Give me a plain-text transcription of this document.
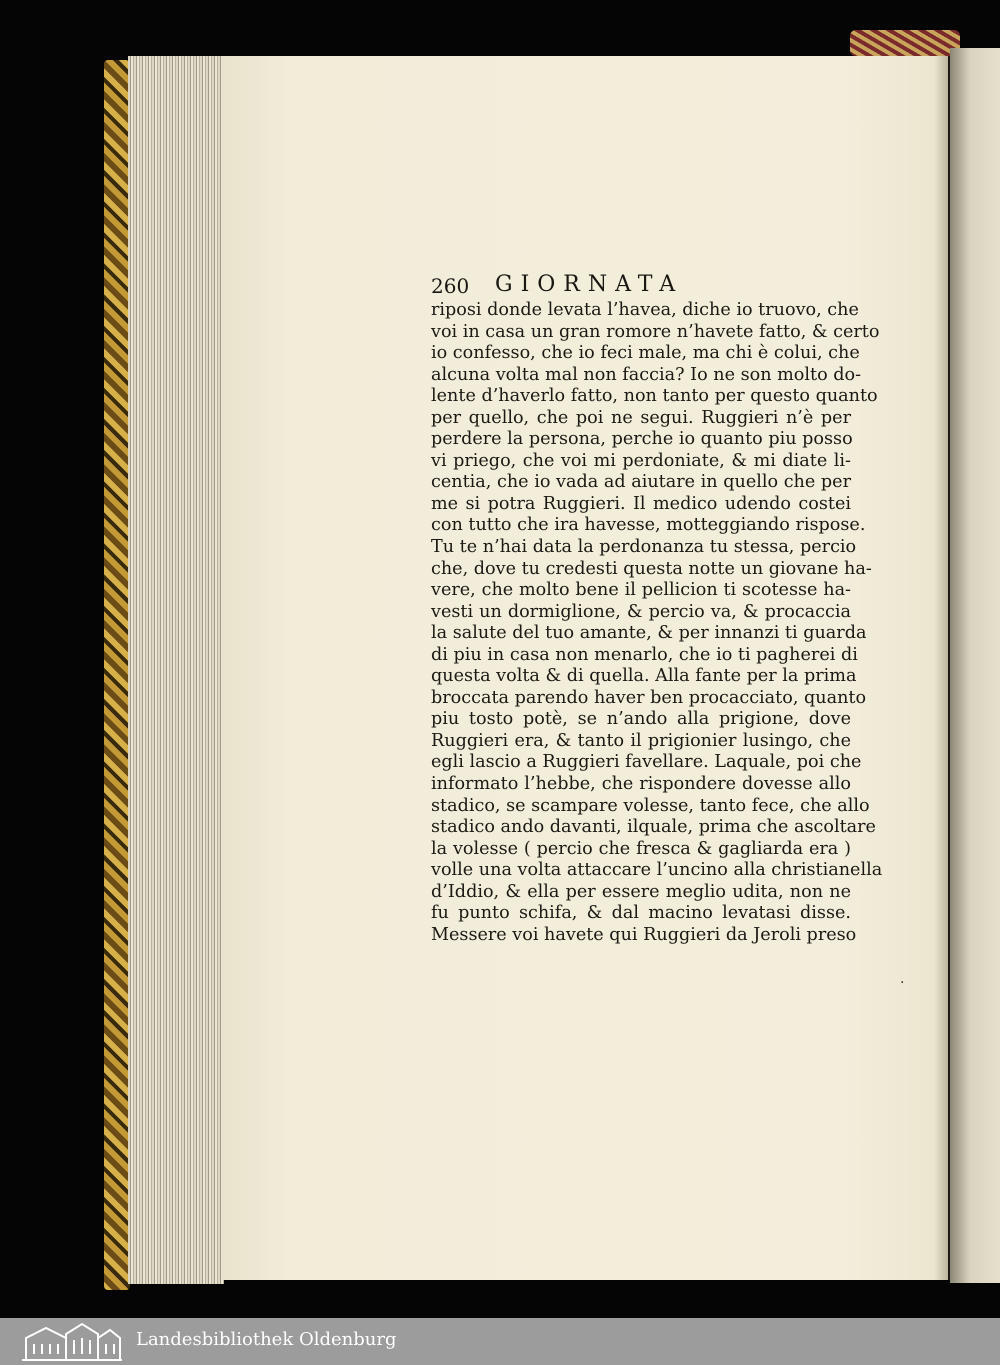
260 GIORNATA
riposi donde levata l’havea, diche io truovo, che
voi in casa un gran romore n’havete fatto, & certo
io confesso, che io feci male, ma chi è colui, che
alcuna volta mal non faccia? Io ne son molto do-
lente d’haverlo fatto, non tanto per questo quanto
per quello, che poi ne segui. Ruggieri n’è per
perdere la persona, perche io quanto piu posso
vi priego, che voi mi perdoniate, & mi diate li-
centia, che io vada ad aiutare in quello che per
me si potra Ruggieri. Il medico udendo costei
con tutto che ira havesse, motteggiando rispose.
Tu te n’hai data la perdonanza tu stessa, percio
che, dove tu credesti questa notte un giovane ha-
vere, che molto bene il pellicion ti scotesse ha-
vesti un dormiglione, & percio va, & procaccia
la salute del tuo amante, & per innanzi ti guarda
di piu in casa non menarlo, che io ti pagherei di
questa volta & di quella. Alla fante per la prima
broccata parendo haver ben procacciato, quanto
piu tosto potè, se n’ando alla prigione, dove
Ruggieri era, & tanto il prigionier lusingo, che
egli lascio a Ruggieri favellare. Laquale, poi che
informato l’hebbe, che rispondere dovesse allo
stadico, se scampare volesse, tanto fece, che allo
stadico ando davanti, ilquale, prima che ascoltare
la volesse ( percio che fresca & gagliarda era )
volle una volta attaccare l’uncino alla christianella
d’Iddio, & ella per essere meglio udita, non ne
fu punto schifa, & dal macino levatasi disse.
Messere voi havete qui Ruggieri da Jeroli preso
·
Landesbibliothek Oldenburg
